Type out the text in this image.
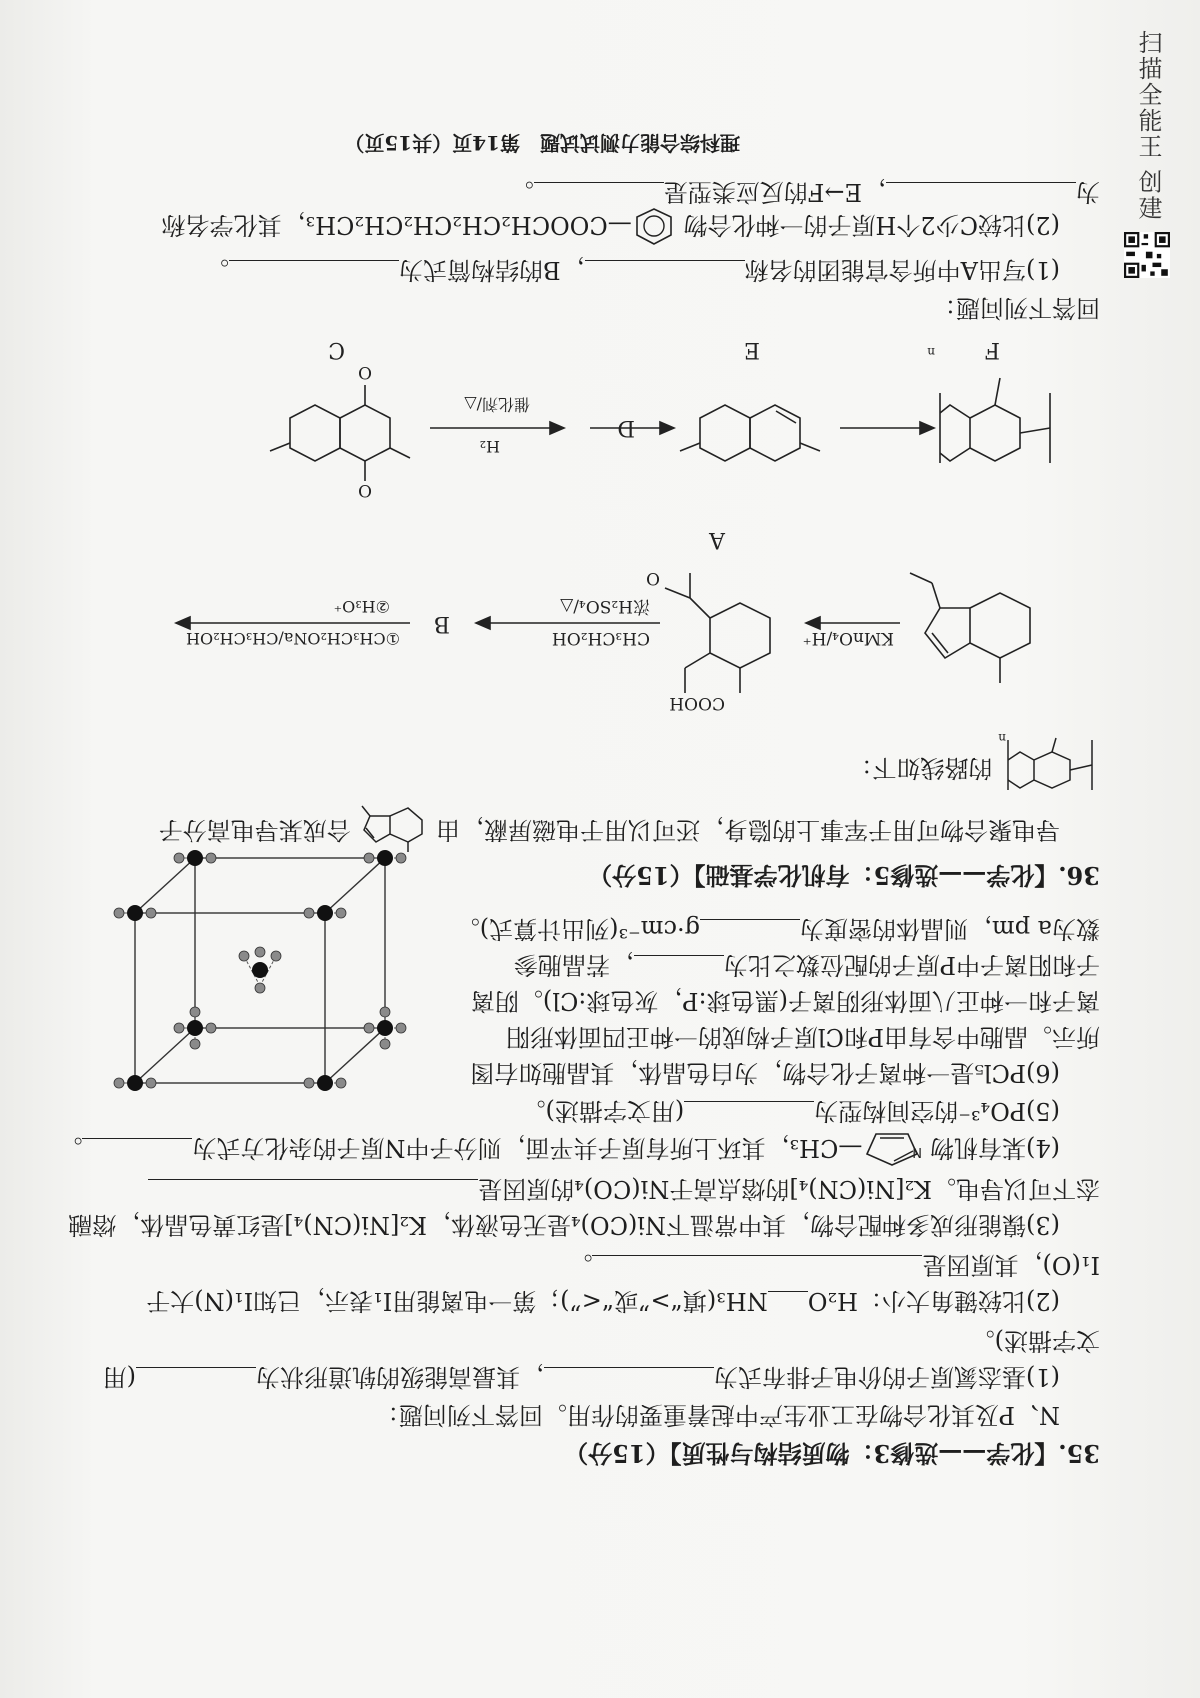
扫描全能王 创建
35.【化学——选修3：物质结构与性质】（15分）
N、P及其化合物在工业生产中起着重要的作用。回答下列问题：
(1)基态氮原子的价电子排布式为，其最高能级的轨道形状为(用
文字描述)。
(2)比较键角大小：H₂ONH₃(填“>”或“<”)；第一电离能用I₁表示，已知I₁(N)大于
I₁(O)，其原因是。
(3)镍能形成多种配合物，其中常温下Ni(CO)₄是无色液体，K₂[Ni(CN)₄]是红黄色晶体，熔融
态下可以导电。K₂[Ni(CN)₄]的熔点高于Ni(CO)₄的原因是
(4)某有机物
N
—CH₃，其环上所有原子共平面，则分子中N原子的杂化方式为。
(5)PO₄³⁻的空间构型为(用文字描述)。
(6)PCl₅是一种离子化合物，为白色晶体，其晶胞如右图
所示。晶胞中含有由P和Cl原子构成的一种正四面体形阳
离子和一种正八面体形阴离子(黑色球:P，灰色球:Cl)。阴离
子和阳离子中P原子的配位数之比为，若晶胞参
数为a pm，则晶体的密度为g·cm⁻³(列出计算式)。
36.【化学——选修5：有机化学基础】（15分）
导电聚合物可用于军事上的隐身，还可以用于电磁屏蔽，由  合成某导电高分子
n
的路线如下：
A
COOH
O
KMnO₄/H⁺
CH₃CH₂OH
浓H₂SO₄/△
B
①CH₃CH₂ONa/CH₃CH₂OH
②H₃O⁺
n F
E
D
H₂
催化剂/△
C
O
O
回答下列问题：
(1)写出A中所含官能团的名称，B的结构简式为。
(2)比较C少2个H原子的一种化合物 —COOCH₂CH₂CH₂CH₂CH₃，其化学名称
为，E→F的反应类型是。
理科综合能力测试试题　第14页（共15页）
